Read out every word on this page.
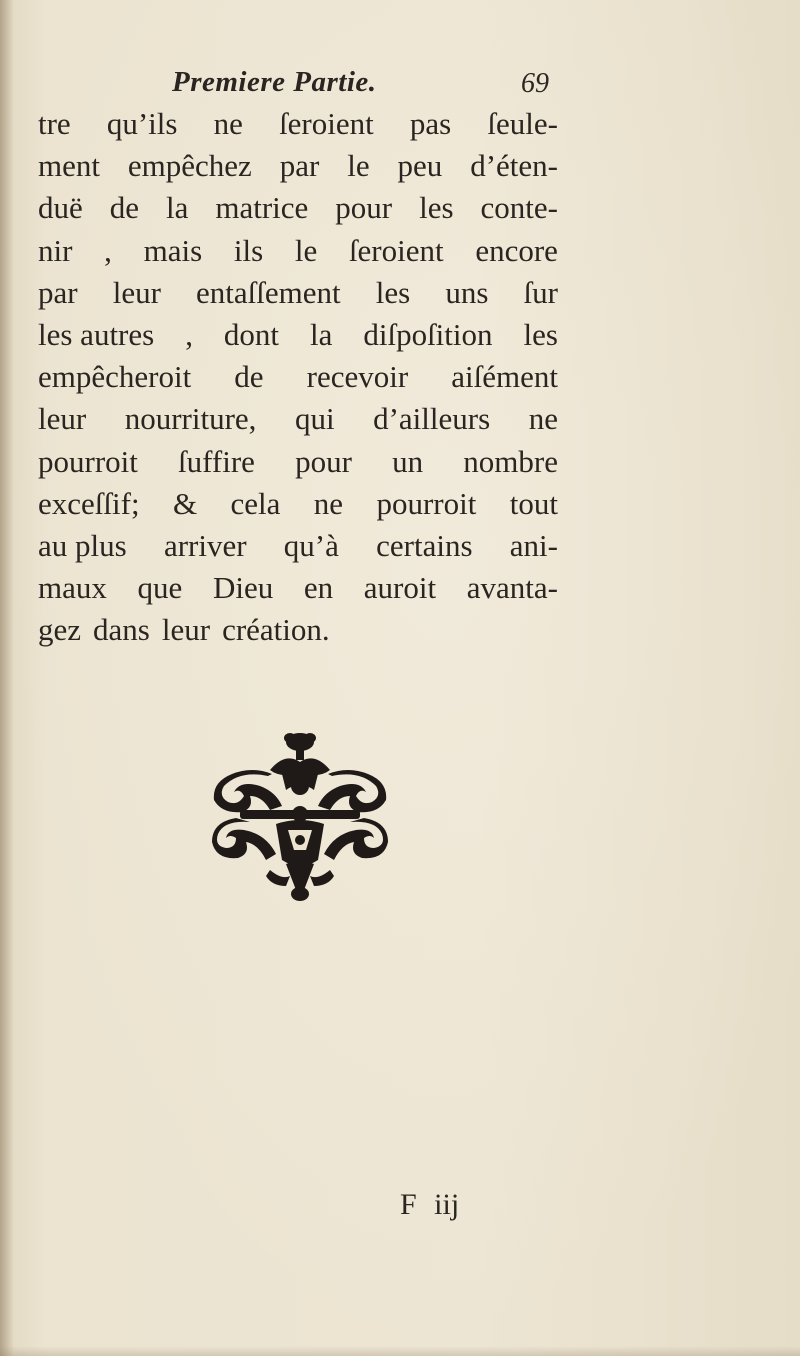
Premiere Partie.	69
tre qu’ils ne ſeroient pas ſeule-
ment empêchez par le peu d’éten-
duë de la matrice pour les conte-
nir , mais ils le ſeroient encore
par leur entaſſement les uns ſur
les autres , dont la diſpoſition les
empêcheroit de recevoir aiſément
leur nourriture, qui d’ailleurs ne
pourroit ſuffire pour un nombre
exceſſif; & cela ne pourroit tout
au plus arriver qu’à certains ani-
maux que Dieu en auroit avanta-
gez dans leur création.
F iij
